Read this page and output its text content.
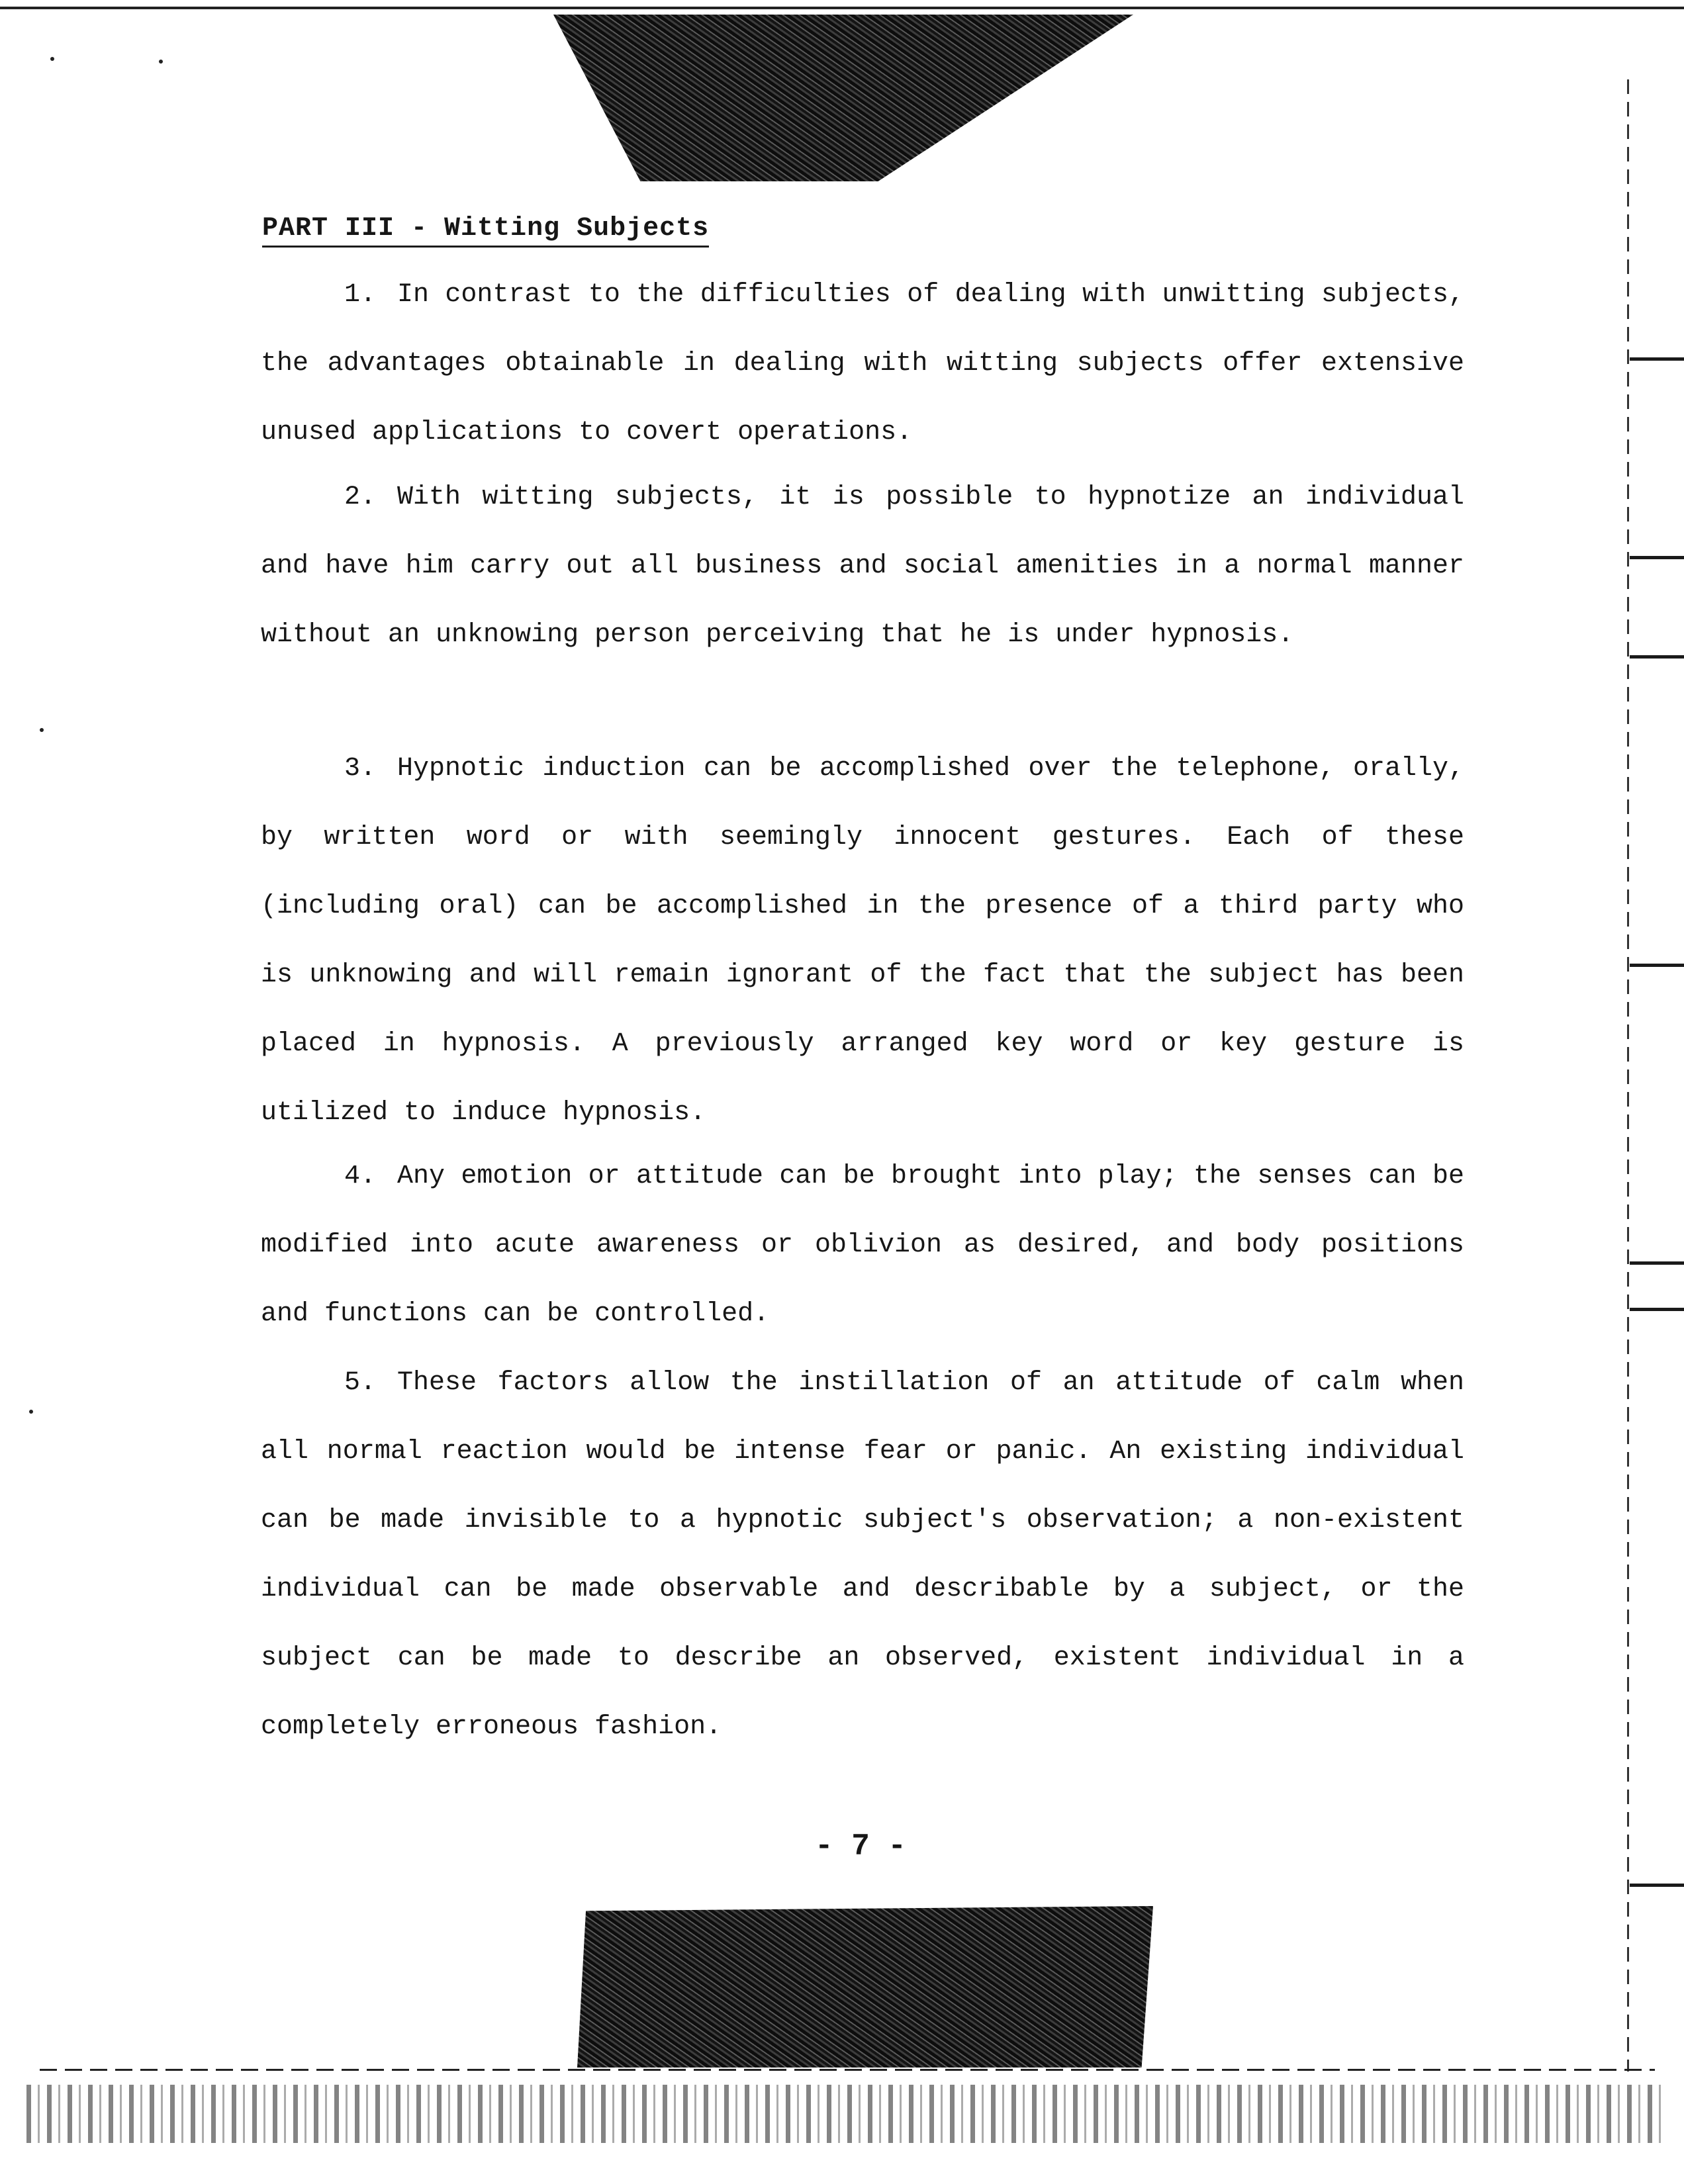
PART III - Witting Subjects

1. In contrast to the difficulties of dealing with unwitting subjects, the advantages obtainable in dealing with witting subjects offer extensive unused applications to covert operations.

2. With witting subjects, it is possible to hypnotize an individual and have him carry out all business and social amenities in a normal manner without an unknowing person perceiving that he is under hypnosis.

3. Hypnotic induction can be accomplished over the telephone, orally, by written word or with seemingly innocent gestures. Each of these (including oral) can be accomplished in the presence of a third party who is unknowing and will remain ignorant of the fact that the subject has been placed in hypnosis. A previously arranged key word or key gesture is utilized to induce hypnosis.

4. Any emotion or attitude can be brought into play; the senses can be modified into acute awareness or oblivion as desired, and body positions and functions can be controlled.

5. These factors allow the instillation of an attitude of calm when all normal reaction would be intense fear or panic. An existing individual can be made invisible to a hypnotic subject's observation; a non-existent individual can be made observable and describable by a subject, or the subject can be made to describe an observed, existent individual in a completely erroneous fashion.

- 7 -
